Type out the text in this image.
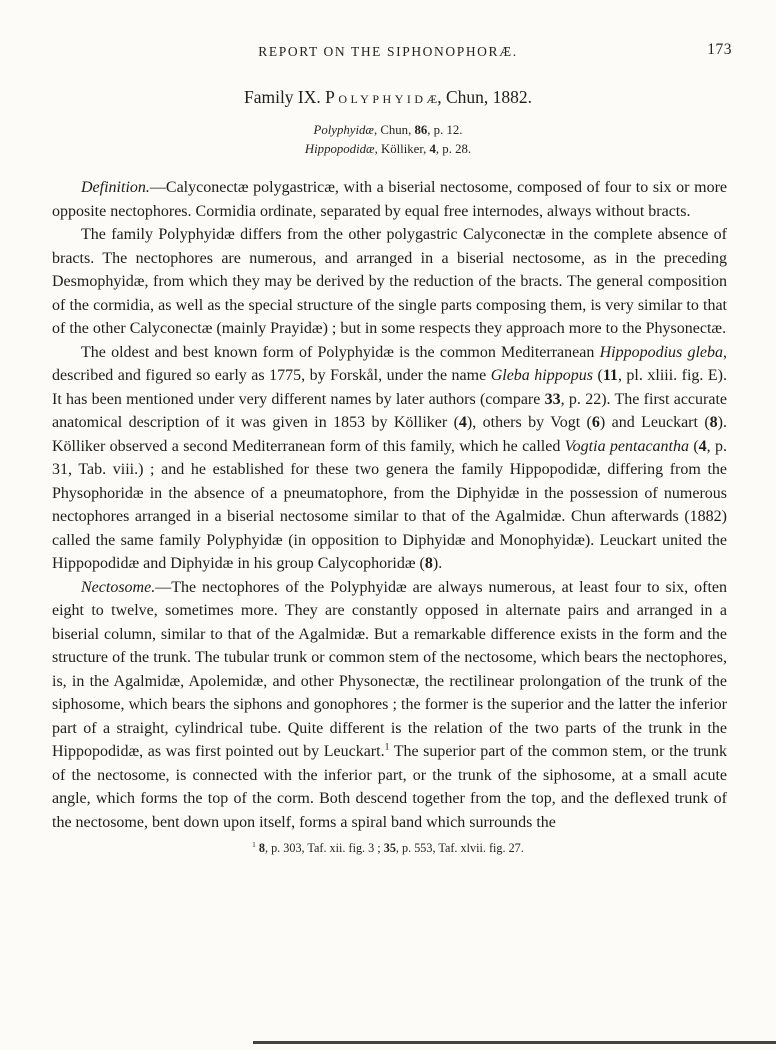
REPORT ON THE SIPHONOPHORÆ.	173
Family IX. Polyphyidæ, Chun, 1882.
Polyphyidæ, Chun, 86, p. 12.
Hippopodidæ, Kölliker, 4, p. 28.

Definition.—Calyconectæ polygastricæ, with a biserial nectosome, composed of four to six or more opposite nectophores. Cormidia ordinate, separated by equal free internodes, always without bracts.

The family Polyphyidæ differs from the other polygastric Calyconectæ in the complete absence of bracts. The nectophores are numerous, and arranged in a biserial nectosome, as in the preceding Desmophyidæ, from which they may be derived by the reduction of the bracts. The general composition of the cormidia, as well as the special structure of the single parts composing them, is very similar to that of the other Calyconectæ (mainly Prayidæ) ; but in some respects they approach more to the Physonectæ.

The oldest and best known form of Polyphyidæ is the common Mediterranean Hippopodius gleba, described and figured so early as 1775, by Forskål, under the name Gleba hippopus (11, pl. xliii. fig. E). It has been mentioned under very different names by later authors (compare 33, p. 22). The first accurate anatomical description of it was given in 1853 by Kölliker (4), others by Vogt (6) and Leuckart (8). Kölliker observed a second Mediterranean form of this family, which he called Vogtia pentacantha (4, p. 31, Tab. viii.) ; and he established for these two genera the family Hippopodidæ, differing from the Physophoridæ in the absence of a pneumatophore, from the Diphyidæ in the possession of numerous nectophores arranged in a biserial nectosome similar to that of the Agalmidæ. Chun afterwards (1882) called the same family Polyphyidæ (in opposition to Diphyidæ and Monophyidæ). Leuckart united the Hippopodidæ and Diphyidæ in his group Calycophoridæ (8).

Nectosome.—The nectophores of the Polyphyidæ are always numerous, at least four to six, often eight to twelve, sometimes more. They are constantly opposed in alternate pairs and arranged in a biserial column, similar to that of the Agalmidæ. But a remarkable difference exists in the form and the structure of the trunk. The tubular trunk or common stem of the nectosome, which bears the nectophores, is, in the Agalmidæ, Apolemidæ, and other Physonectæ, the rectilinear prolongation of the trunk of the siphosome, which bears the siphons and gonophores ; the former is the superior and the latter the inferior part of a straight, cylindrical tube. Quite different is the relation of the two parts of the trunk in the Hippopodidæ, as was first pointed out by Leuckart.$^1$ The superior part of the common stem, or the trunk of the nectosome, is connected with the inferior part, or the trunk of the siphosome, at a small acute angle, which forms the top of the corm. Both descend together from the top, and the deflexed trunk of the nectosome, bent down upon itself, forms a spiral band which surrounds the

$^1$ 8, p. 303, Taf. xii. fig. 3 ; 35, p. 553, Taf. xlvii. fig. 27.
